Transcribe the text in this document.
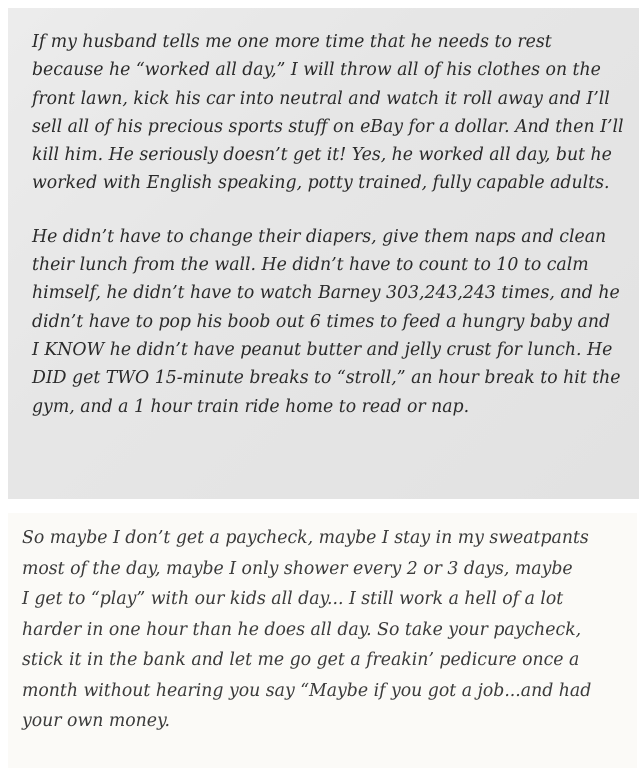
If my husband tells me one more time that he needs to rest
because he “worked all day,” I will throw all of his clothes on the
front lawn, kick his car into neutral and watch it roll away and I’ll
sell all of his precious sports stuff on eBay for a dollar. And then I’ll
kill him. He seriously doesn’t get it! Yes, he worked all day, but he
worked with English speaking, potty trained, fully capable adults.

He didn’t have to change their diapers, give them naps and clean
their lunch from the wall. He didn’t have to count to 10 to calm
himself, he didn’t have to watch Barney 303,243,243 times, and he
didn’t have to pop his boob out 6 times to feed a hungry baby and
I KNOW he didn’t have peanut butter and jelly crust for lunch. He
DID get TWO 15-minute breaks to “stroll,” an hour break to hit the
gym, and a 1 hour train ride home to read or nap.

So maybe I don’t get a paycheck, maybe I stay in my sweatpants
most of the day, maybe I only shower every 2 or 3 days, maybe
I get to “play” with our kids all day... I still work a hell of a lot
harder in one hour than he does all day. So take your paycheck,
stick it in the bank and let me go get a freakin’ pedicure once a
month without hearing you say “Maybe if you got a job...and had
your own money.
